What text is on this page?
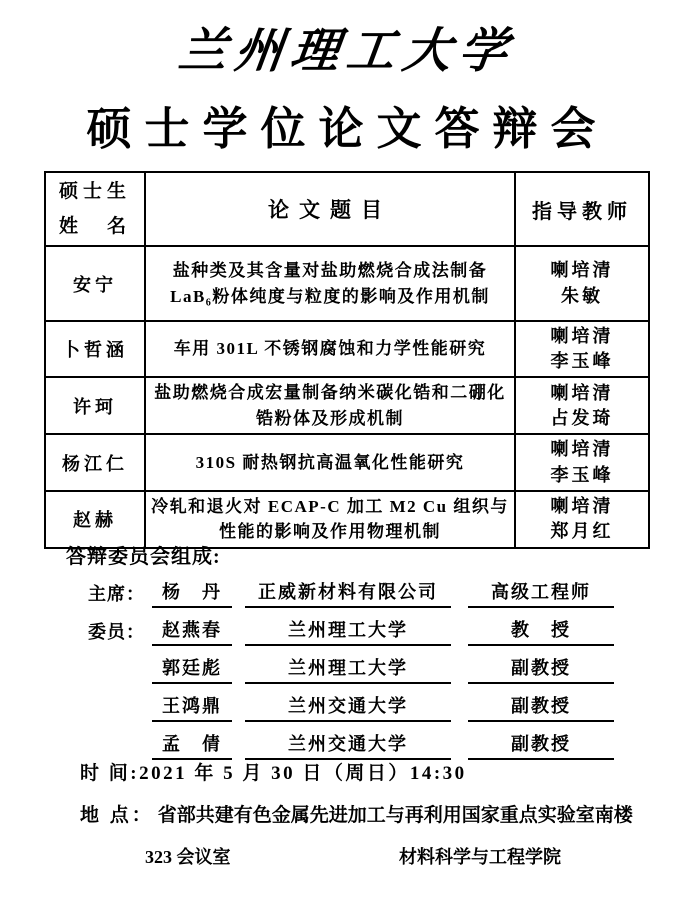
兰州理工大学
硕士学位论文答辩会
硕士生
姓　名	论文题目	指导教师
安宁	盐种类及其含量对盐助燃烧合成法制备 LaB₆粉体纯度与粒度的影响及作用机制	喇培清
朱敏

卜哲涵	车用 301L 不锈钢腐蚀和力学性能研究	喇培清
李玉峰

许珂	盐助燃烧合成宏量制备纳米碳化锆和二硼化锆粉体及形成机制	喇培清
占发琦

杨江仁	310S 耐热钢抗高温氧化性能研究	喇培清
李玉峰

赵赫	冷轧和退火对 ECAP-C 加工 M2 Cu 组织与性能的影响及作用物理机制	喇培清
郑月红
答辩委员会组成:
主席： 杨　丹	正威新材料有限公司	高级工程师
委员： 赵燕春	兰州理工大学	教　授
郭廷彪	兰州理工大学	副教授
王鸿鼎	兰州交通大学	副教授
孟　倩	兰州交通大学	副教授
时 间:2021 年 5 月 30 日（周日）14:30
地 点： 省部共建有色金属先进加工与再利用国家重点实验室南楼
323 会议室	材料科学与工程学院
